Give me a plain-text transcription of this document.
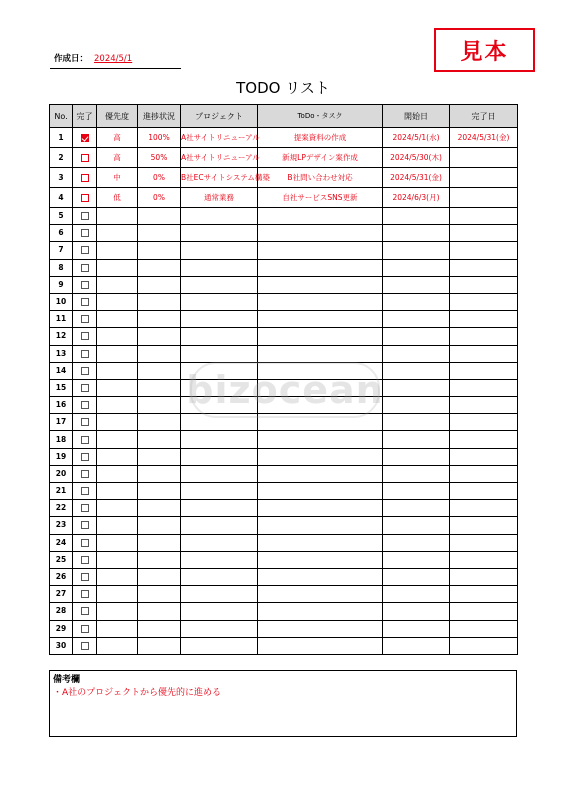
作成日： 2024/5/1	見本
TODO リスト
No.	完了	優先度	進捗状況	プロジェクト	ToDo・タスク	開始日	完了日
1		高	100%	A社サイトリニューアル	提案資料の作成	2024/5/1(水)	2024/5/31(金)
2		高	50%	A社サイトリニューアル	新規LPデザイン案作成	2024/5/30(木)	
3		中	0%	B社ECサイトシステム構築	B社問い合わせ対応	2024/5/31(金)	
4		低	0%	通常業務	自社サービスSNS更新	2024/6/3(月)	
5							
6							
7							
8							
9							
10							
11							
12							
13							
14							
15							
16							
17							
18							
19							
20							
21							
22							
23							
24							
25							
26							
27							
28							
29							
30							
備考欄
・A社のプロジェクトから優先的に進める
bizocean
